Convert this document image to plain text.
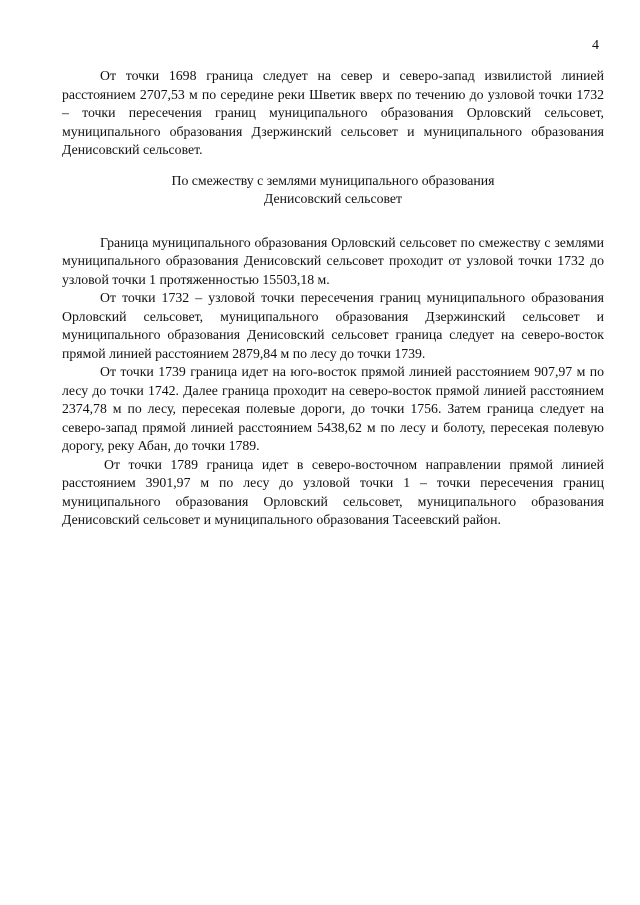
4

От точки 1698 граница следует на север и северо-запад извилистой линией расстоянием 2707,53 м по середине реки Шветик вверх по течению до узловой точки 1732 – точки пересечения границ муниципального образования Орловский сельсовет, муниципального образования Дзержинский сельсовет и муниципального образования Денисовский сельсовет.

По смежеству с землями муниципального образования
Денисовский сельсовет

Граница муниципального образования Орловский сельсовет по смежеству с землями муниципального образования Денисовский сельсовет проходит от узловой точки 1732 до узловой точки 1 протяженностью 15503,18 м.

От точки 1732 – узловой точки пересечения границ муниципального образования Орловский сельсовет, муниципального образования Дзержинский сельсовет и муниципального образования Денисовский сельсовет граница следует на северо-восток прямой линией расстоянием 2879,84 м по лесу до точки 1739.

От точки 1739 граница идет на юго-восток прямой линией расстоянием 907,97 м по лесу до точки 1742. Далее граница проходит на северо-восток прямой линией расстоянием 2374,78 м по лесу, пересекая полевые дороги, до точки 1756. Затем граница следует на северо-запад прямой линией расстоянием 5438,62 м по лесу и болоту, пересекая полевую дорогу, реку Абан, до точки 1789.

От точки 1789 граница идет в северо-восточном направлении прямой линией расстоянием 3901,97 м по лесу до узловой точки 1 – точки пересечения границ муниципального образования Орловский сельсовет, муниципального образования Денисовский сельсовет и муниципального образования Тасеевский район.
